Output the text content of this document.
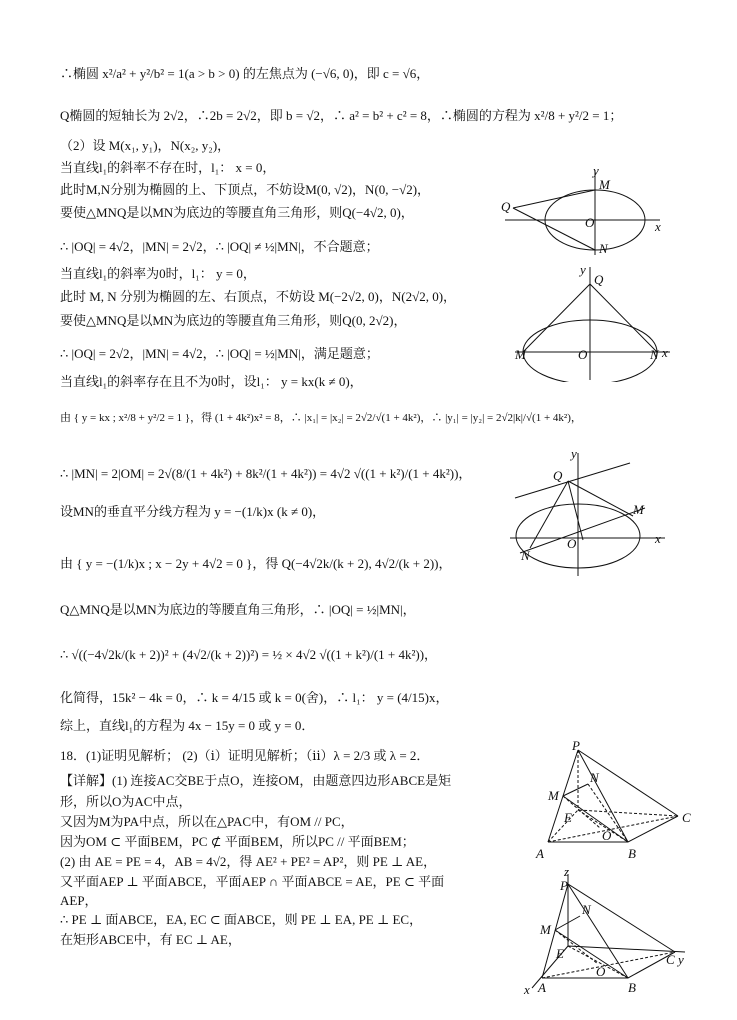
∴椭圆 x²/a² + y²/b² = 1(a > b > 0) 的左焦点为 (−√6, 0)，即 c = √6，
Q椭圆的短轴长为 2√2，∴2b = 2√2，即 b = √2，∴ a² = b² + c² = 8，∴椭圆的方程为 x²/8 + y²/2 = 1；
（2）设 M(x₁, y₁)，N(x₂, y₂)，
当直线l₁的斜率不存在时，l₁： x = 0，
此时M,N分别为椭圆的上、下顶点，不妨设M(0, √2)，N(0, −√2)，
要使△MNQ是以MN为底边的等腰直角三角形，则Q(−4√2, 0)，
∴ |OQ| = 4√2，|MN| = 2√2，∴ |OQ| ≠ ½|MN|，不合题意；
当直线l₁的斜率为0时，l₁： y = 0，
此时 M, N 分别为椭圆的左、右顶点，不妨设 M(−2√2, 0)，N(2√2, 0)，
要使△MNQ是以MN为底边的等腰直角三角形，则Q(0, 2√2)，
∴ |OQ| = 2√2，|MN| = 4√2，∴ |OQ| = ½|MN|，满足题意；
当直线l₁的斜率存在且不为0时，设l₁： y = kx(k ≠ 0)，
由 { y = kx ; x²/8 + y²/2 = 1 }，得 (1 + 4k²)x² = 8，∴ |x₁| = |x₂| = 2√2/√(1 + 4k²)，∴ |y₁| = |y₂| = 2√2|k|/√(1 + 4k²)，
∴ |MN| = 2|OM| = 2√(8/(1 + 4k²) + 8k²/(1 + 4k²)) = 4√2 √((1 + k²)/(1 + 4k²))，
设MN的垂直平分线方程为 y = −(1/k)x (k ≠ 0)，
由 { y = −(1/k)x ; x − 2y + 4√2 = 0 }，得 Q(−4√2k/(k + 2), 4√2/(k + 2))，
Q△MNQ是以MN为底边的等腰直角三角形，∴ |OQ| = ½|MN|，
∴ √((−4√2k/(k + 2))² + (4√2/(k + 2))²) = ½ × 4√2 √((1 + k²)/(1 + 4k²))，
化简得，15k² − 4k = 0，∴ k = 4/15 或 k = 0(舍)，∴ l₁： y = (4/15)x，
综上，直线l₁的方程为 4x − 15y = 0 或 y = 0．
18．(1)证明见解析； (2)（ⅰ）证明见解析；（ⅱ）λ = 2/3 或 λ = 2．
【详解】(1) 连接AC交BE于点O，连接OM，由题意四边形ABCE是矩
形，所以O为AC中点，
又因为M为PA中点，所以在△PAC中，有OM // PC，
因为OM ⊂ 平面BEM，PC ⊄ 平面BEM，所以PC // 平面BEM；
(2) 由 AE = PE = 4，AB = 4√2，得 AE² + PE² = AP²，则 PE ⊥ AE，
又平面AEP ⊥ 平面ABCE，平面AEP ∩ 平面ABCE = AE，PE ⊂ 平面
AEP，
∴ PE ⊥ 面ABCE，EA, EC ⊂ 面ABCE，则 PE ⊥ EA, PE ⊥ EC，
在矩形ABCE中，有 EC ⊥ AE，
y
x
M
N
O
Q
y
x
M	N
O
Q
y
x
M
N
O
Q
P
N
M
E
O
C
A	B
z
P
N
M
E
O
C y
A	B
x
